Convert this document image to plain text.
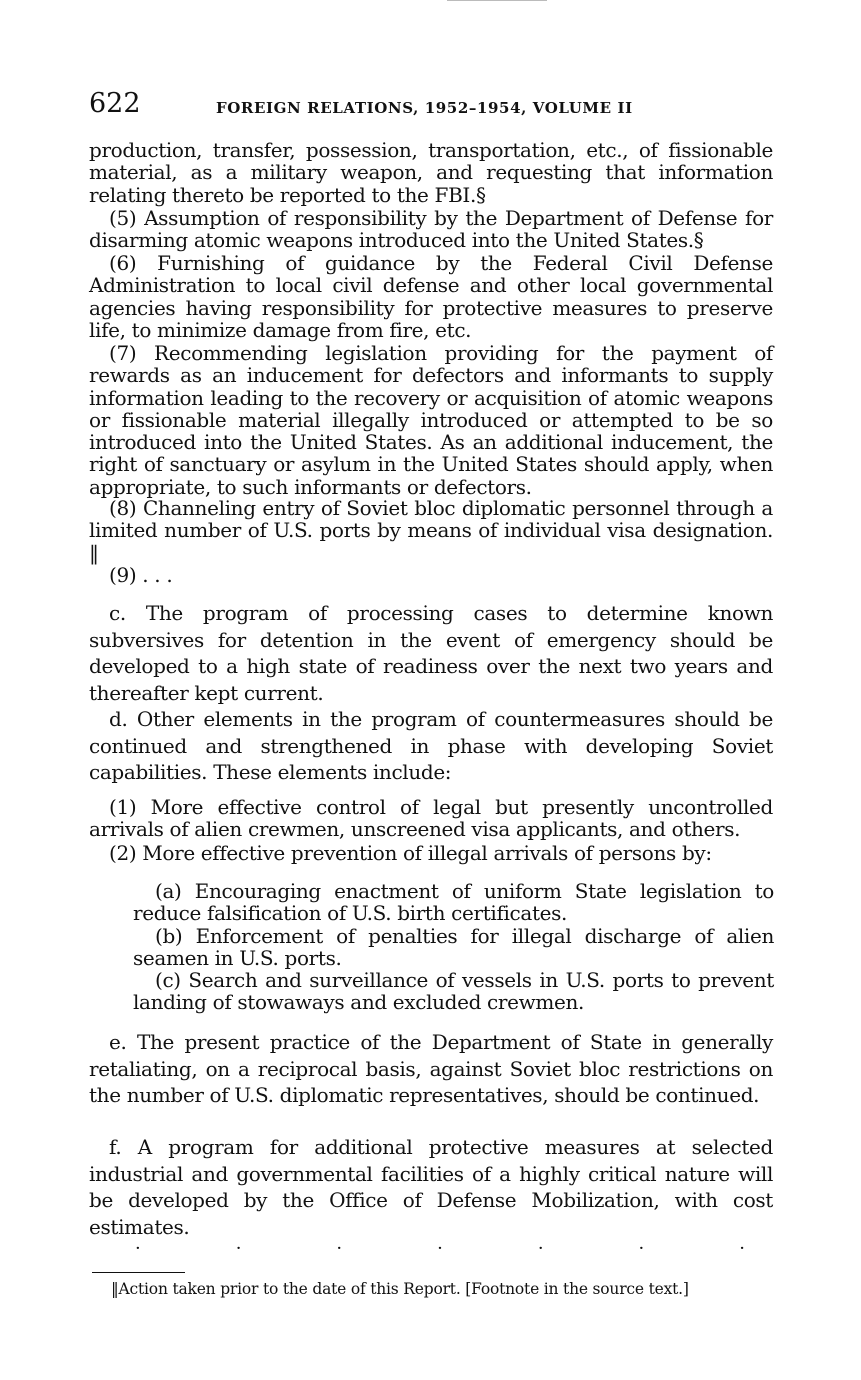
622	FOREIGN RELATIONS, 1952–1954, VOLUME II

production, transfer, possession, transportation, etc., of fissionable material, as a military weapon, and requesting that information relating thereto be reported to the FBI.§

(5) Assumption of responsibility by the Department of Defense for disarming atomic weapons introduced into the United States.§

(6) Furnishing of guidance by the Federal Civil Defense Administration to local civil defense and other local governmental agencies having responsibility for protective measures to preserve life, to minimize damage from fire, etc.

(7) Recommending legislation providing for the payment of rewards as an inducement for defectors and informants to supply information leading to the recovery or acquisition of atomic weapons or fissionable material illegally introduced or attempted to be so introduced into the United States. As an additional inducement, the right of sanctuary or asylum in the United States should apply, when appropriate, to such informants or defectors.

(8) Channeling entry of Soviet bloc diplomatic personnel through a limited number of U.S. ports by means of individual visa designation. ‖

(9) . . .

c. The program of processing cases to determine known subversives for detention in the event of emergency should be developed to a high state of readiness over the next two years and thereafter kept current.

d. Other elements in the program of countermeasures should be continued and strengthened in phase with developing Soviet capabilities. These elements include:

(1) More effective control of legal but presently uncontrolled arrivals of alien crewmen, unscreened visa applicants, and others.

(2) More effective prevention of illegal arrivals of persons by:

(a) Encouraging enactment of uniform State legislation to reduce falsification of U.S. birth certificates.

(b) Enforcement of penalties for illegal discharge of alien seamen in U.S. ports.

(c) Search and surveillance of vessels in U.S. ports to prevent landing of stowaways and excluded crewmen.

e. The present practice of the Department of State in generally retaliating, on a reciprocal basis, against Soviet bloc restrictions on the number of U.S. diplomatic representatives, should be continued.

f. A program for additional protective measures at selected industrial and governmental facilities of a highly critical nature will be developed by the Office of Defense Mobilization, with cost estimates.

·	·	·	·	·	·	·
‖Action taken prior to the date of this Report. [Footnote in the source text.]
